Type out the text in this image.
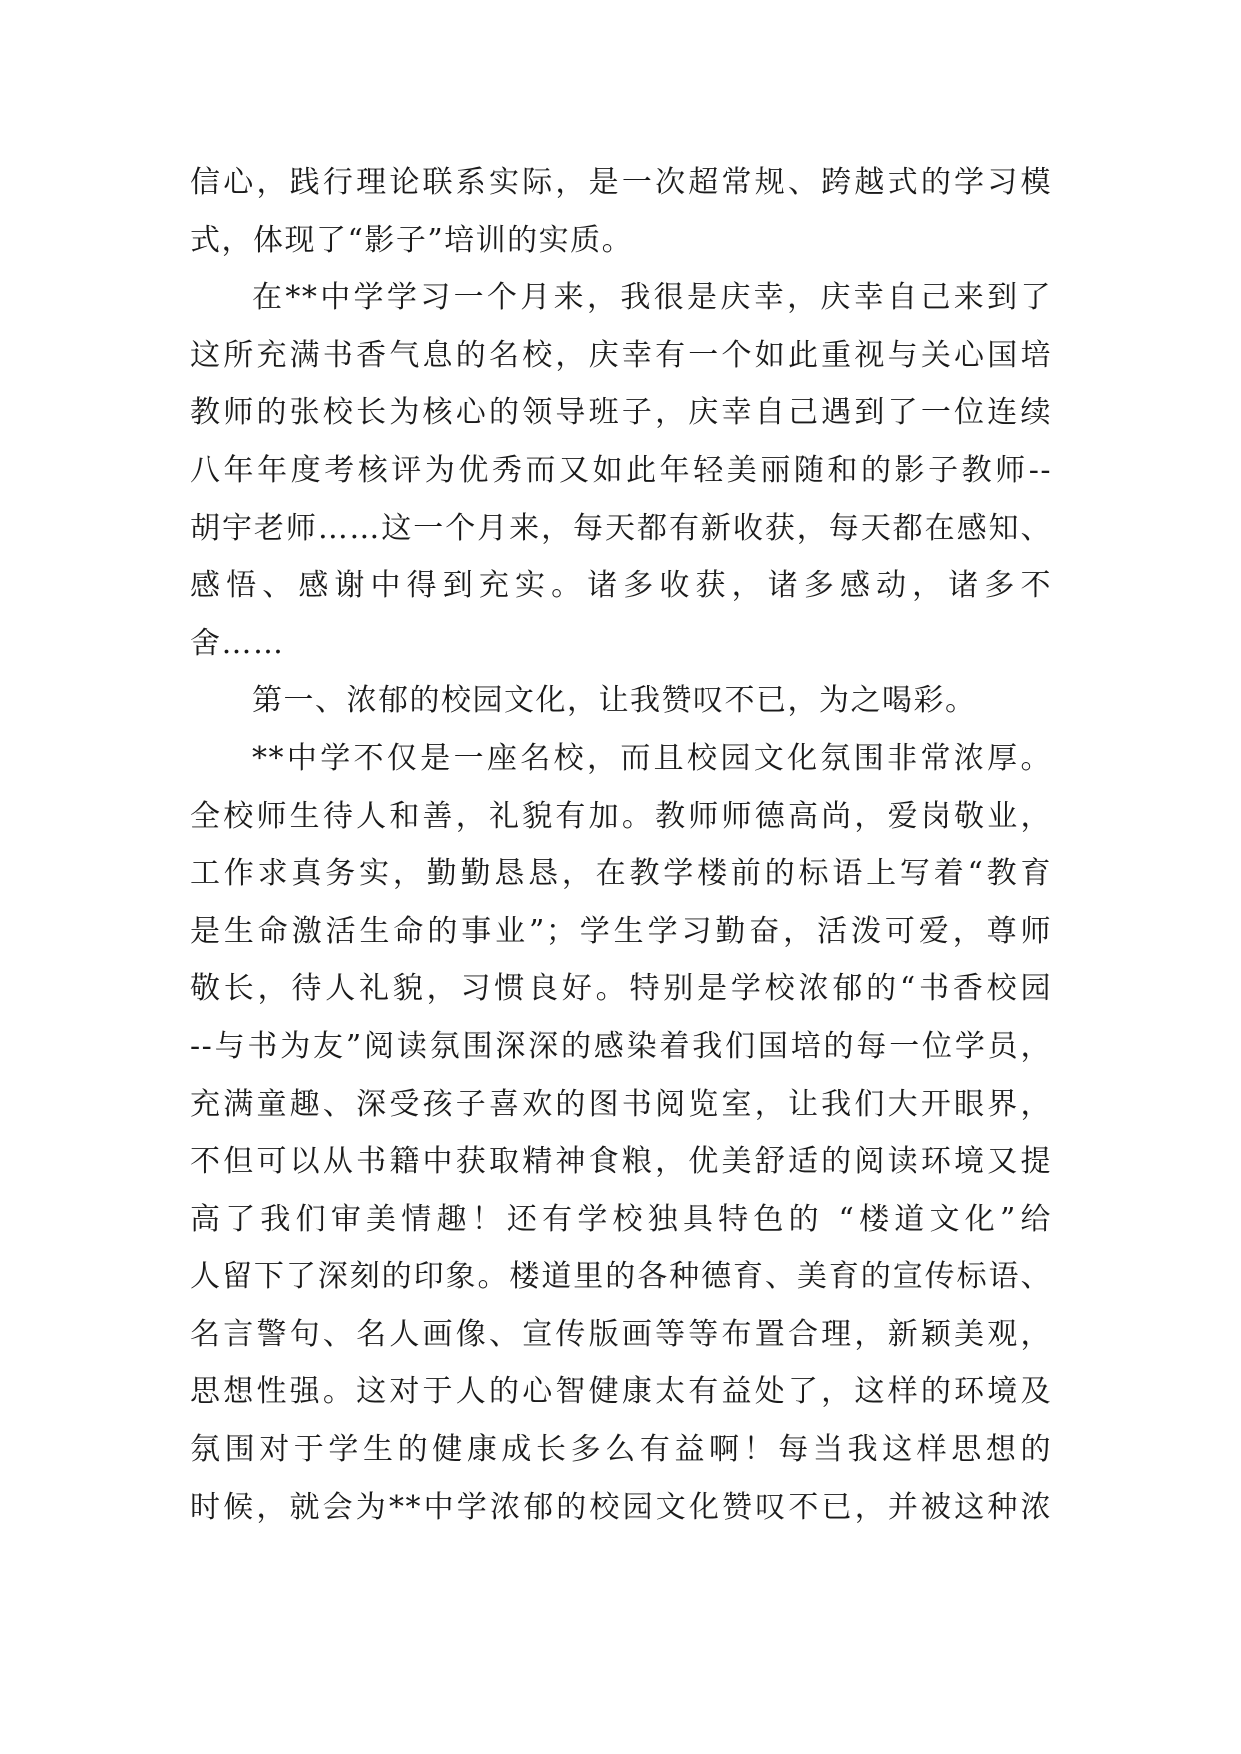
信心，践行理论联系实际，是一次超常规、跨越式的学习模
式，体现了“影子”培训的实质。
在**中学学习一个月来，我很是庆幸，庆幸自己来到了
这所充满书香气息的名校，庆幸有一个如此重视与关心国培
教师的张校长为核心的领导班子，庆幸自己遇到了一位连续
八年年度考核评为优秀而又如此年轻美丽随和的影子教师--
胡宇老师……这一个月来，每天都有新收获，每天都在感知、
感悟、感谢中得到充实。诸多收获，诸多感动，诸多不
舍……
第一、浓郁的校园文化，让我赞叹不已，为之喝彩。
**中学不仅是一座名校，而且校园文化氛围非常浓厚。
全校师生待人和善，礼貌有加。教师师德高尚，爱岗敬业，
工作求真务实，勤勤恳恳，在教学楼前的标语上写着“教育
是生命激活生命的事业”；学生学习勤奋，活泼可爱，尊师
敬长，待人礼貌，习惯良好。特别是学校浓郁的“书香校园
--与书为友”阅读氛围深深的感染着我们国培的每一位学员，
充满童趣、深受孩子喜欢的图书阅览室，让我们大开眼界，
不但可以从书籍中获取精神食粮，优美舒适的阅读环境又提
高了我们审美情趣！还有学校独具特色的 “楼道文化”给
人留下了深刻的印象。楼道里的各种德育、美育的宣传标语、
名言警句、名人画像、宣传版画等等布置合理，新颖美观，
思想性强。这对于人的心智健康太有益处了，这样的环境及
氛围对于学生的健康成长多么有益啊！每当我这样思想的
时候，就会为**中学浓郁的校园文化赞叹不已，并被这种浓
